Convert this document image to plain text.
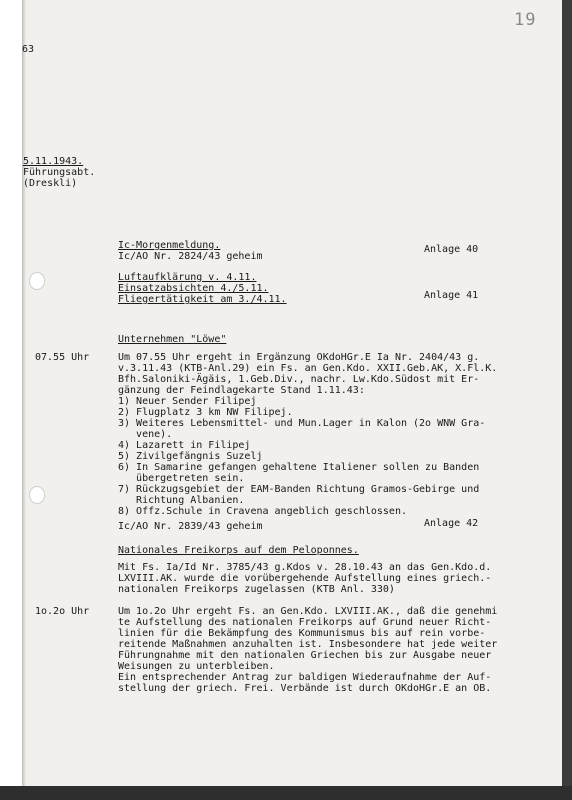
19
63
5.11.1943.
Führungsabt.
(Dreskli)
Ic-Morgenmeldung.
Ic/AO Nr. 2824/43 geheim
Anlage 40
Luftaufklärung v. 4.11.
Einsatzabsichten 4./5.11.
Fliegertätigkeit am 3./4.11.	Anlage 41
Unternehmen "Löwe"
07.55 Uhr	Um 07.55 Uhr ergeht in Ergänzung OKdoHGr.E Ia Nr. 2404/43 g.
v.3.11.43 (KTB-Anl.29) ein Fs. an Gen.Kdo. XXII.Geb.AK, X.Fl.K.
Bfh.Saloniki-Ägäis, 1.Geb.Div., nachr. Lw.Kdo.Südost mit Er-
gänzung der Feindlagekarte Stand 1.11.43:
1) Neuer Sender Filipej
2) Flugplatz 3 km NW Filipej.
3) Weiteres Lebensmittel- und Mun.Lager in Kalon (2o WNW Gra-
vene).
4) Lazarett in Filipej
5) Zivilgefängnis Suzelj
6) In Samarine gefangen gehaltene Italiener sollen zu Banden
übergetreten sein.
7) Rückzugsgebiet der EAM-Banden Richtung Gramos-Gebirge und
Richtung Albanien.
8) Offz.Schule in Cravena angeblich geschlossen.
Ic/AO Nr. 2839/43 geheim	Anlage 42
Nationales Freikorps auf dem Peloponnes.
Mit Fs. Ia/Id Nr. 3785/43 g.Kdos v. 28.10.43 an das Gen.Kdo.d.
LXVIII.AK. wurde die vorübergehende Aufstellung eines griech.-
nationalen Freikorps zugelassen (KTB Anl. 330)
1o.2o Uhr	Um 1o.2o Uhr ergeht Fs. an Gen.Kdo. LXVIII.AK., daß die genehmi
te Aufstellung des nationalen Freikorps auf Grund neuer Richt-
linien für die Bekämpfung des Kommunismus bis auf rein vorbe-
reitende Maßnahmen anzuhalten ist. Insbesondere hat jede weiter
Führungnahme mit den nationalen Griechen bis zur Ausgabe neuer
Weisungen zu unterbleiben.
Ein entsprechender Antrag zur baldigen Wiederaufnahme der Auf-
stellung der griech. Frei. Verbände ist durch OKdoHGr.E an OB.
